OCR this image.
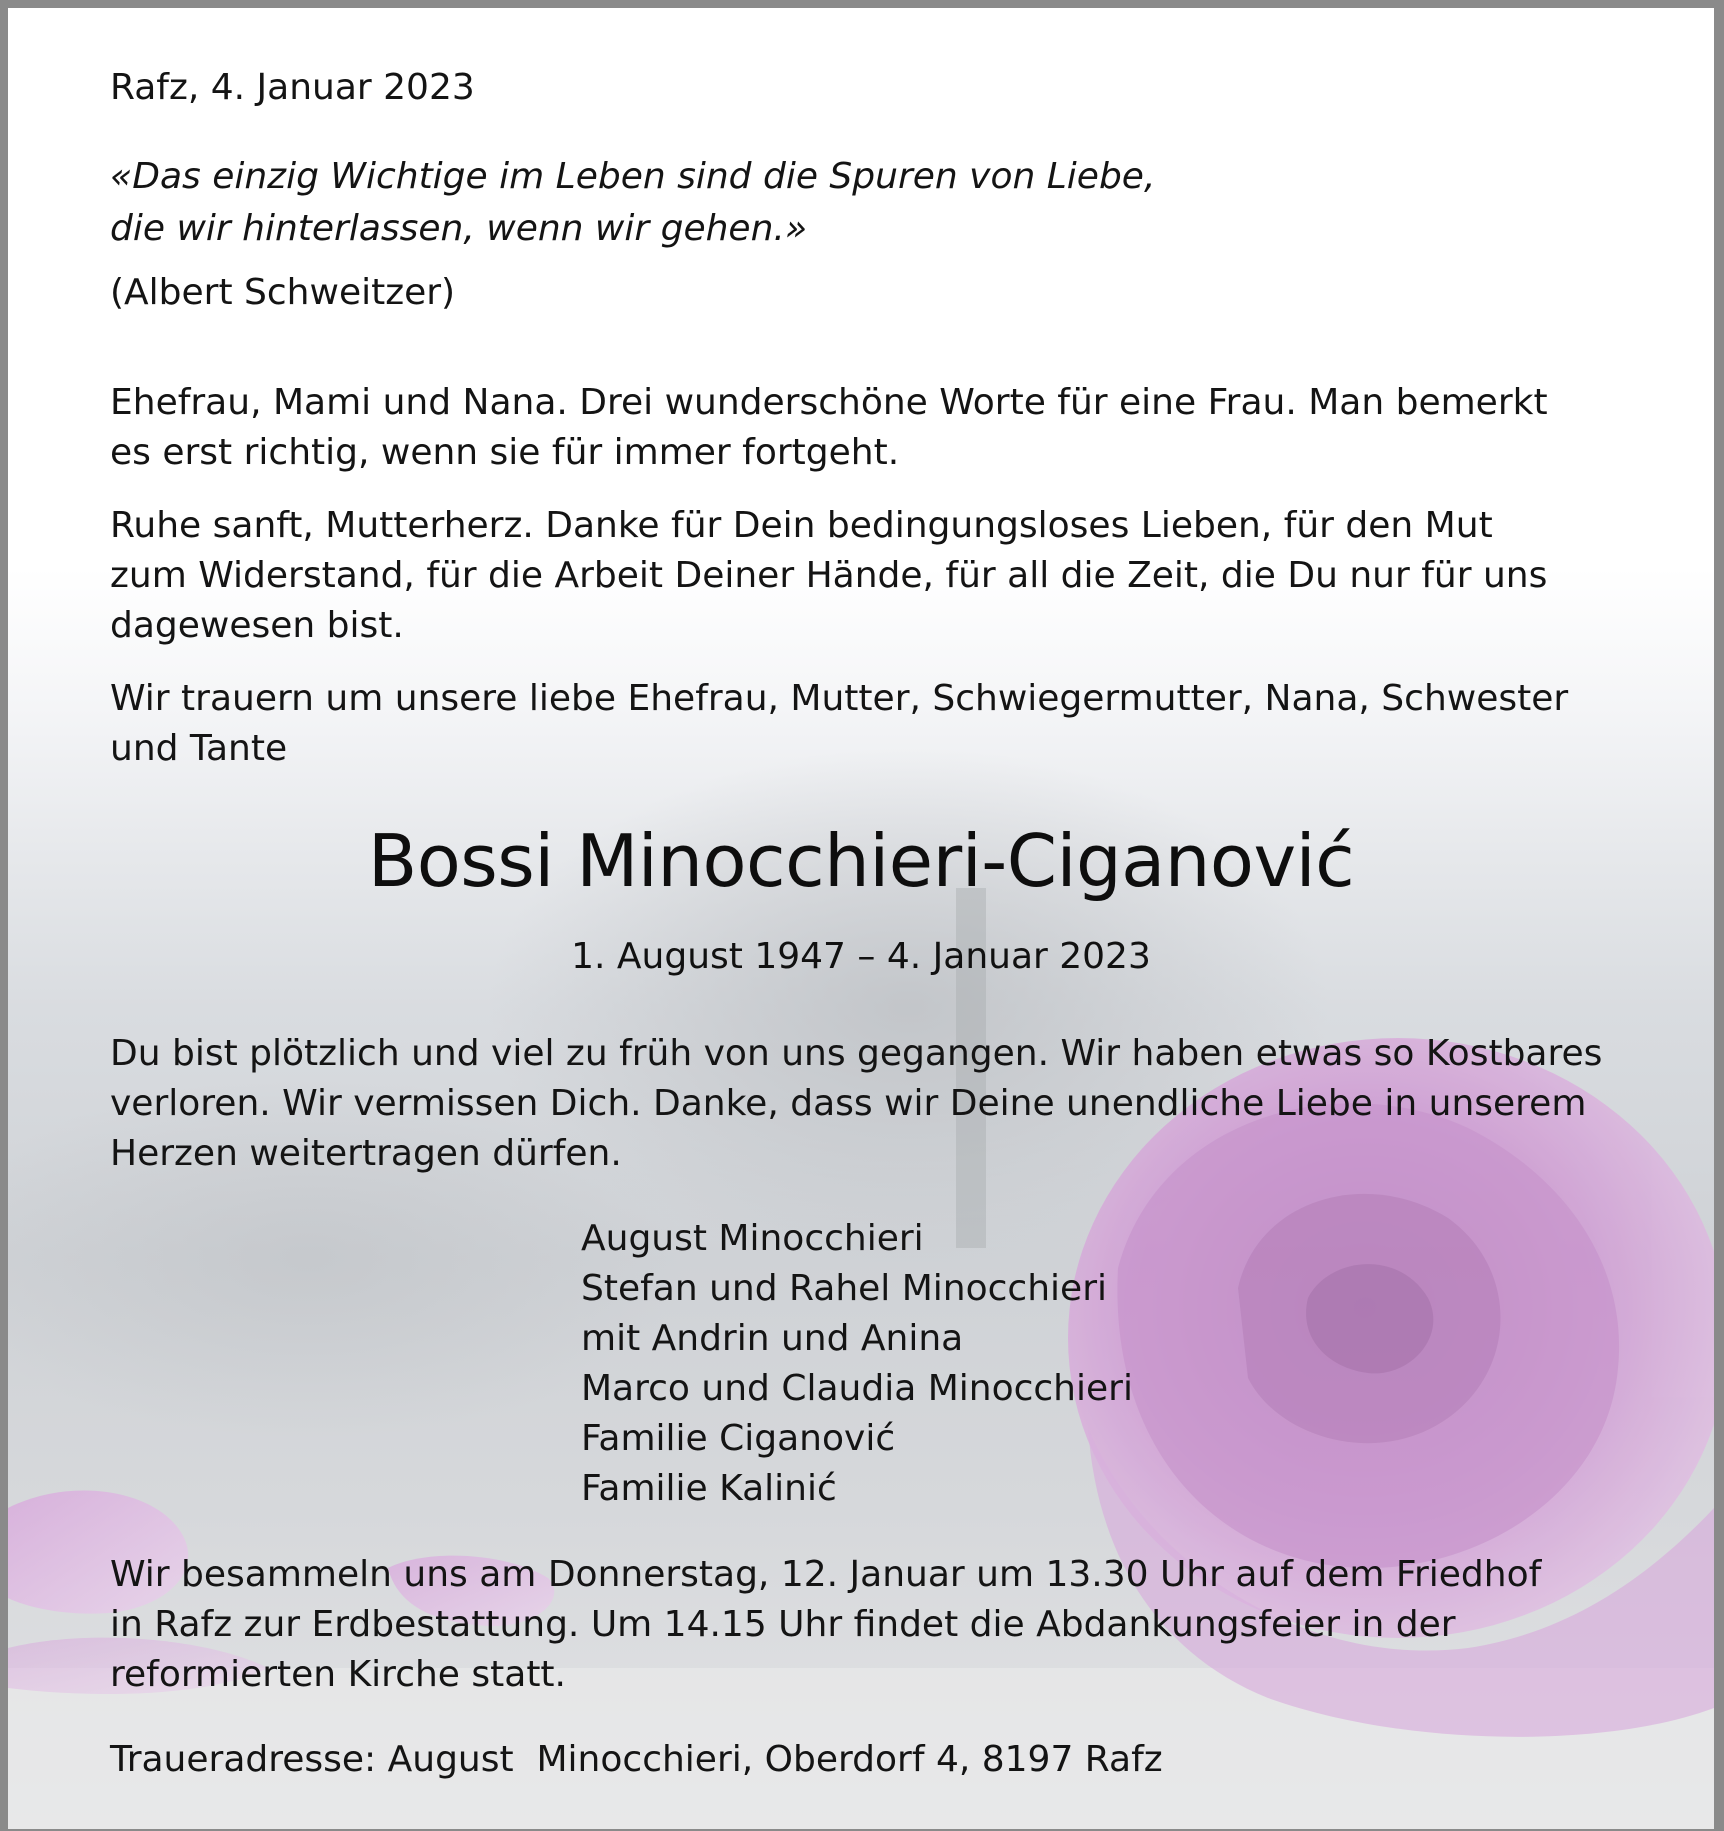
Rafz, 4. Januar 2023

«Das einzig Wichtige im Leben sind die Spuren von Liebe,

die wir hinterlassen, wenn wir gehen.»

(Albert Schweitzer)

Ehefrau, Mami und Nana. Drei wunderschöne Worte für eine Frau. Man bemerkt

es erst richtig, wenn sie für immer fortgeht.

Ruhe sanft, Mutterherz. Danke für Dein bedingungsloses Lieben, für den Mut

zum Widerstand, für die Arbeit Deiner Hände, für all die Zeit, die Du nur für uns

dagewesen bist.

Wir trauern um unsere liebe Ehefrau, Mutter, Schwiegermutter, Nana, Schwester

und Tante

Bossi Minocchieri-Ciganović

1. August 1947 – 4. Januar 2023

Du bist plötzlich und viel zu früh von uns gegangen. Wir haben etwas so Kostbares

verloren. Wir vermissen Dich. Danke, dass wir Deine unendliche Liebe in unserem

Herzen weitertragen dürfen.

August Minocchieri

Stefan und Rahel Minocchieri

mit Andrin und Anina

Marco und Claudia Minocchieri

Familie Ciganović

Familie Kalinić

Wir besammeln uns am Donnerstag, 12. Januar um 13.30 Uhr auf dem Friedhof

in Rafz zur Erdbestattung. Um 14.15 Uhr findet die Abdankungsfeier in der

reformierten Kirche statt.

Traueradresse: August  Minocchieri, Oberdorf 4, 8197 Rafz
